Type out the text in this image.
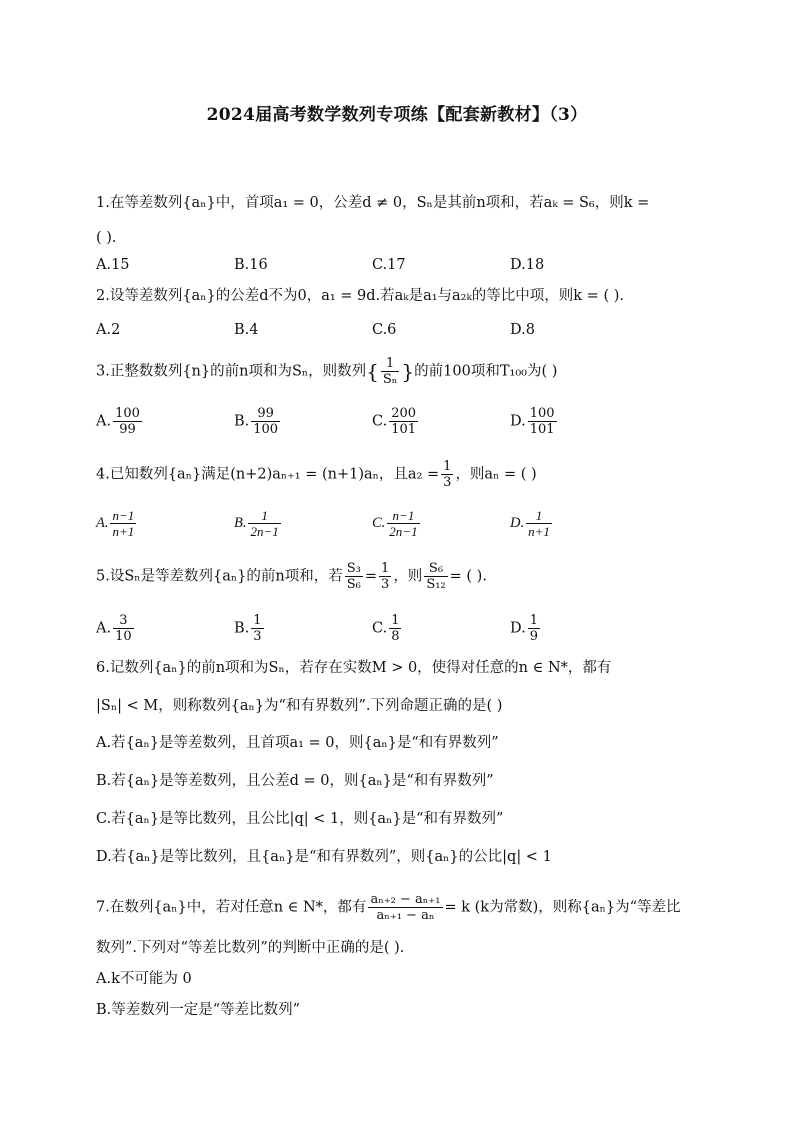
2024届高考数学数列专项练【配套新教材】（3）
1.在等差数列{aₙ}中，首项a₁ = 0，公差d ≠ 0，Sₙ是其前n项和，若aₖ = S₆，则k =
( ).
A.15	B.16	C.17	D.18
2.设等差数列{aₙ}的公差d不为0，a₁ = 9d.若aₖ是a₁与a₂ₖ的等比中项，则k = ( ).
A.2	B.4	C.6	D.8
3.正整数数列{n}的前n项和为Sₙ，则数列{ $\frac{1}{\text{Sₙ}}$ }的前100项和T₁₀₀为( )
A. $\frac{100}{99}$	B. $\frac{99}{100}$	C. $\frac{200}{101}$	D. $\frac{100}{101}$
4.已知数列{aₙ}满足(n+2)aₙ₊₁ = (n+1)aₙ，且$a_2 = \frac{1}{3}$ ，则aₙ = ( )
A. $\frac{n-1}{n+1}$	B. $\frac{1}{2n-1}$	C. $\frac{n-1}{2n-1}$	D. $\frac{1}{n+1}$
5.设Sₙ是等差数列{aₙ}的前n项和，若 $\frac{\text{S₃}}{\text{S₆}} = \frac{1}{3}$ ，则 $\frac{\text{S₆}}{\text{S₁₂}}$ = ( ).
A. $\frac{3}{10}$	B. $\frac{1}{3}$	C. $\frac{1}{8}$	D. $\frac{1}{9}$
6.记数列{aₙ}的前n项和为Sₙ，若存在实数M > 0，使得对任意的n ∈ N*，都有
|Sₙ| < M，则称数列{aₙ}为“和有界数列”.下列命题正确的是( )
A.若{aₙ}是等差数列，且首项a₁ = 0，则{aₙ}是“和有界数列”
B.若{aₙ}是等差数列，且公差d = 0，则{aₙ}是“和有界数列”
C.若{aₙ}是等比数列，且公比|q| < 1，则{aₙ}是“和有界数列”
D.若{aₙ}是等比数列，且{aₙ}是“和有界数列”，则{aₙ}的公比|q| < 1
7.在数列{aₙ}中，若对任意n ∈ N*，都有 $\frac{\text{aₙ₊₂ − aₙ₊₁}}{\text{aₙ₊₁ − aₙ}} = k$ (k为常数)，则称{aₙ}为“等差比
数列”.下列对“等差比数列”的判断中正确的是( ).
A.k不可能为 0
B.等差数列一定是“等差比数列”
